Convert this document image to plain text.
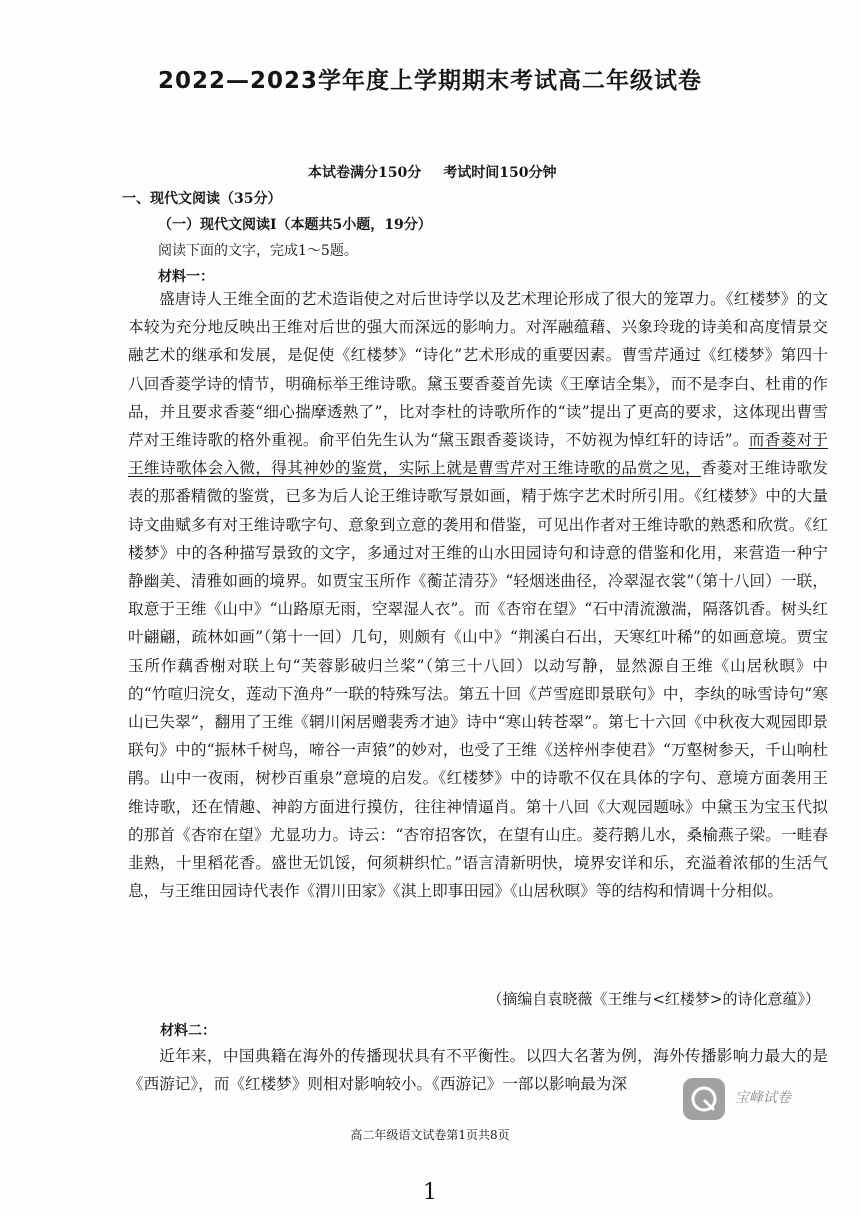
2022—2023学年度上学期期末考试高二年级试卷
本试卷满分150分 考试时间150分钟
一、现代文阅读（35分）
（一）现代文阅读Ⅰ（本题共5小题，19分）
阅读下面的文字，完成1～5题。
材料一：

盛唐诗人王维全面的艺术造诣使之对后世诗学以及艺术理论形成了很大的笼罩力。《红楼梦》的文本较为充分地反映出王维对后世的强大而深远的影响力。对浑融蕴藉、兴象玲珑的诗美和高度情景交融艺术的继承和发展，是促使《红楼梦》“诗化”艺术形成的重要因素。曹雪芹通过《红楼梦》第四十八回香菱学诗的情节，明确标举王维诗歌。黛玉要香菱首先读《王摩诘全集》，而不是李白、杜甫的作品，并且要求香菱“细心揣摩透熟了”，比对李杜的诗歌所作的“读”提出了更高的要求，这体现出曹雪芹对王维诗歌的格外重视。俞平伯先生认为“黛玉跟香菱谈诗，不妨视为悼红轩的诗话”。而香菱对于王维诗歌体会入微，得其神妙的鉴赏，实际上就是曹雪芹对王维诗歌的品赏之见，香菱对王维诗歌发表的那番精微的鉴赏，已多为后人论王维诗歌写景如画，精于炼字艺术时所引用。《红楼梦》中的大量诗文曲赋多有对王维诗歌字句、意象到立意的袭用和借鉴，可见出作者对王维诗歌的熟悉和欣赏。《红楼梦》中的各种描写景致的文字，多通过对王维的山水田园诗句和诗意的借鉴和化用，来营造一种宁静幽美、清雅如画的境界。如贾宝玉所作《蘅芷清芬》“轻烟迷曲径，冷翠湿衣裳”（第十八回）一联，取意于王维《山中》“山路原无雨，空翠湿人衣”。而《杏帘在望》“石中清流激湍，隔落饥香。树头红叶翩翩，疏林如画”（第十一回）几句，则颇有《山中》“荆溪白石出，天寒红叶稀”的如画意境。贾宝玉所作藕香榭对联上句“芙蓉影破归兰桨”（第三十八回）以动写静，显然源自王维《山居秋暝》中的“竹喧归浣女，莲动下渔舟”一联的特殊写法。第五十回《芦雪庭即景联句》中，李纨的咏雪诗句“寒山已失翠”，翻用了王维《辋川闲居赠裴秀才迪》诗中“寒山转苍翠”。第七十六回《中秋夜大观园即景联句》中的“振林千树鸟，啼谷一声猿”的妙对，也受了王维《送梓州李使君》“万壑树参天，千山响杜鹃。山中一夜雨，树杪百重泉”意境的启发。《红楼梦》中的诗歌不仅在具体的字句、意境方面袭用王维诗歌，还在情趣、神韵方面进行摸仿，往往神情逼肖。第十八回《大观园题咏》中黛玉为宝玉代拟的那首《杏帘在望》尤显功力。诗云：“杏帘招客饮，在望有山庄。菱荇鹅儿水，桑榆燕子梁。一畦春韭熟，十里稻花香。盛世无饥馁，何须耕织忙。”语言清新明快，境界安详和乐，充溢着浓郁的生活气息，与王维田园诗代表作《渭川田家》《淇上即事田园》《山居秋暝》等的结构和情调十分相似。

（摘编自袁晓薇《王维与<红楼梦>的诗化意蕴》）
材料二：

近年来，中国典籍在海外的传播现状具有不平衡性。以四大名著为例，海外传播影响力最大的是《西游记》，而《红楼梦》则相对影响较小。《西游记》一部以影响最为深

宝峰试卷
高二年级语文试卷第1页共8页
1
